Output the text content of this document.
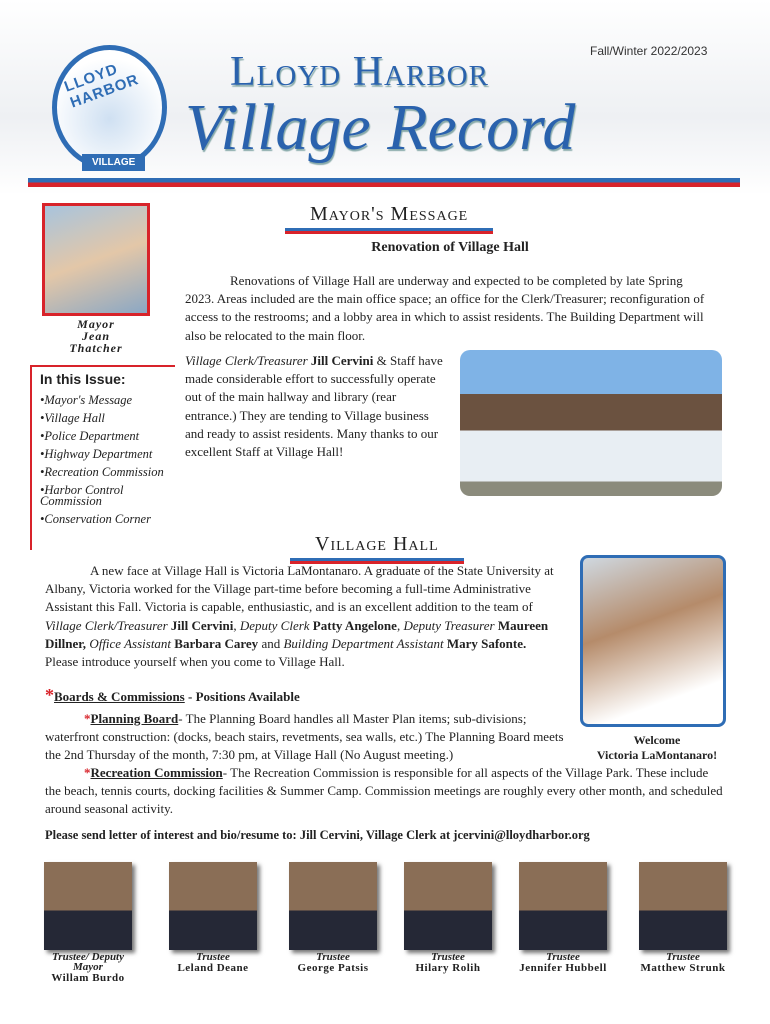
LLOYD HARBOR
VILLAGE
Lloyd Harbor
Village Record
Fall/Winter 2022/2023
Mayor
Jean
Thatcher
In this Issue:
•Mayor's Message
•Village Hall
•Police Department
•Highway Department
•Recreation Commission
•Harbor Control Commission
•Conservation Corner
Mayor's Message
Renovation of Village Hall

Renovations of Village Hall are underway and expected to be completed by late Spring 2023. Areas included are the main office space; an office for the Clerk/Treasurer; reconfiguration of access to the restrooms; and a lobby area in which to assist residents. The Building Department will also be relocated to the main floor.

Village Clerk/Treasurer Jill Cervini & Staff have made considerable effort to successfully operate out of the main hallway and library (rear entrance.) They are tending to Village business and ready to assist residents. Many thanks to our excellent Staff at Village Hall!

Village Hall

A new face at Village Hall is Victoria LaMontanaro. A graduate of the State University at Albany, Victoria worked for the Village part-time before becoming a full-time Administrative Assistant this Fall. Victoria is capable, enthusiastic, and is an excellent addition to the team of Village Clerk/Treasurer Jill Cervini, Deputy Clerk Patty Angelone, Deputy Treasurer Maureen Dillner, Office Assistant Barbara Carey and Building Department Assistant Mary Safonte.
Please introduce yourself when you come to Village Hall.

Welcome
Victoria LaMontanaro!
*Boards & Commissions - Positions Available

   *Planning Board- The Planning Board handles all Master Plan items; sub-divisions; waterfront construction: (docks, beach stairs, revetments, sea walls, etc.) The Planning Board meets the 2nd Thursday of the month, 7:30 pm, at Village Hall (No August meeting.)

   *Recreation Commission- The Recreation Commission is responsible for all aspects of the Village Park. These include the beach, tennis courts, docking facilities & Summer Camp. Commission meetings are roughly every other month, and scheduled around seasonal activity.

Please send letter of interest and bio/resume to: Jill Cervini, Village Clerk at jcervini@lloydharbor.org
Trustee/ Deputy Mayor
Willam Burdo
Trustee
Leland Deane
Trustee
George Patsis
Trustee
Hilary Rolih
Trustee
Jennifer Hubbell
Trustee
Matthew Strunk
